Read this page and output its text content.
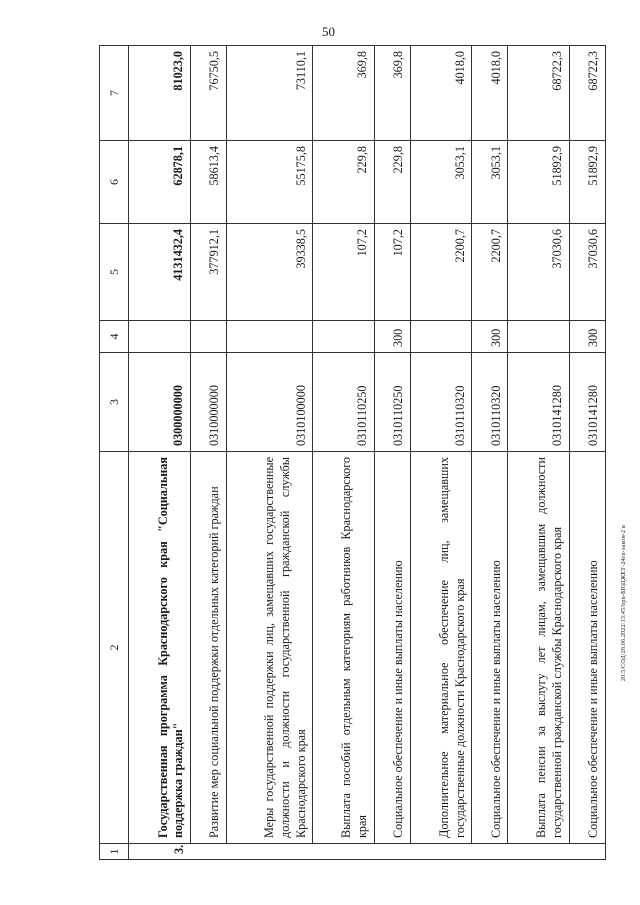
50
20.5/СОД/28.06.2022/13:45/hpn-БЮДЖЕТ-24гп-закон-2 в
1	2	3	4	5	6	7
3.	Государственная программа Краснодарского края "Социальная поддержка граждан"	0300000000		4131432,4	62878,1	81023,0
	Развитие мер социальной поддержки отдельных категорий граждан	0310000000		377912,1	58613,4	76750,5
	Меры государственной поддержки лиц, замещавших государственные должности и должности государственной гражданской службы Краснодарского края	0310100000		39338,5	55175,8	73110,1
	Выплата пособий отдельным категориям работников Краснодарского края	0310110250		107,2	229,8	369,8
	Социальное обеспечение и иные выплаты населению	0310110250	300	107,2	229,8	369,8
	Дополнительное материальное обеспечение лиц, замещавших государственные должности Краснодарского края	0310110320		2200,7	3053,1	4018,0
	Социальное обеспечение и иные выплаты населению	0310110320	300	2200,7	3053,1	4018,0
	Выплата пенсии за выслугу лет лицам, замещавшим должности государственной гражданской службы Краснодарского края	0310141280		37030,6	51892,9	68722,3
	Социальное обеспечение и иные выплаты населению	0310141280	300	37030,6	51892,9	68722,3
